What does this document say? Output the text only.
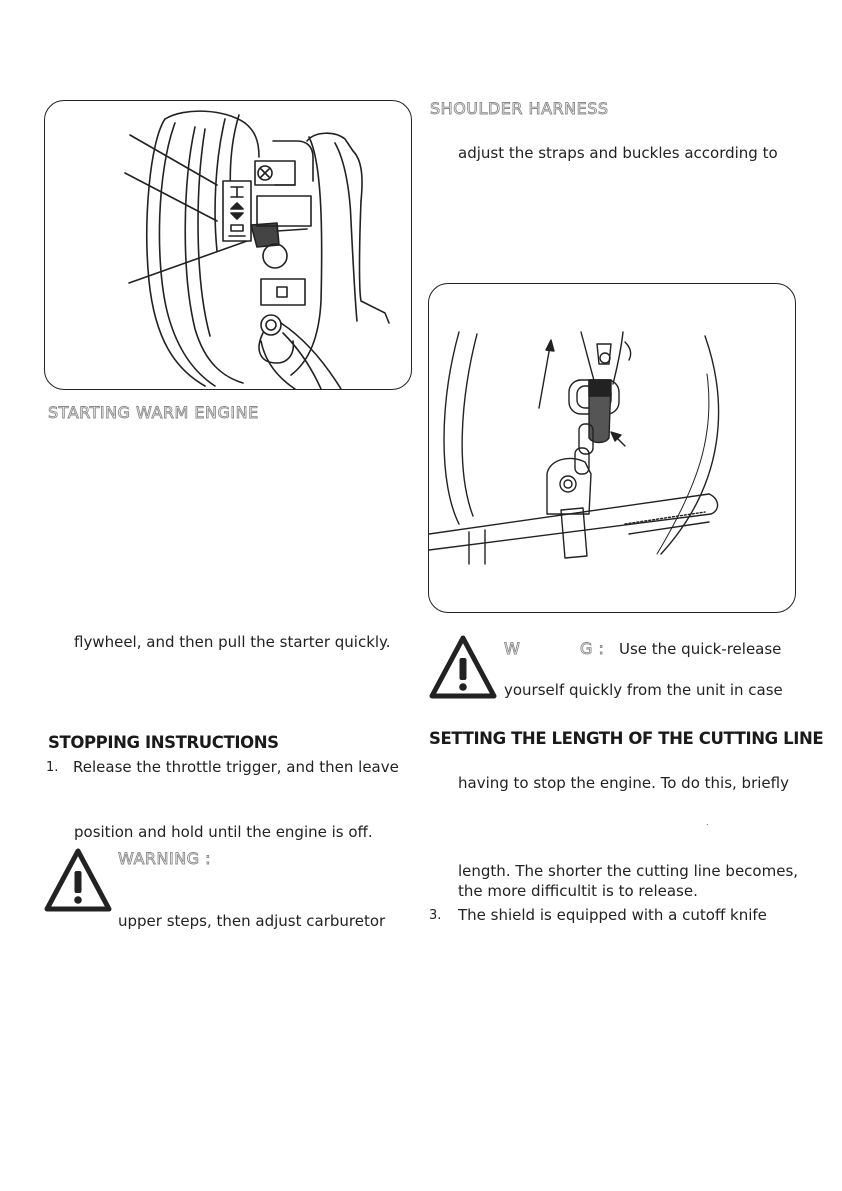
H
III
STARTING WARM ENGINE
flywheel, and then pull the starter quickly.
STOPPING INSTRUCTIONS
1. Release the throttle trigger, and then leave
position and hold until the engine is off.
WARNING :
upper steps, then adjust carburetor
SHOULDER HARNESS
adjust the straps and buckles according to
W	G : Use the quick-release
yourself quickly from the unit in case
SETTING THE LENGTH OF THE CUTTING LINE
having to stop the engine. To do this, briefly
.
length. The shorter the cutting line becomes,
the more difficultit is to release.
3. The shield is equipped with a cutoff knife
